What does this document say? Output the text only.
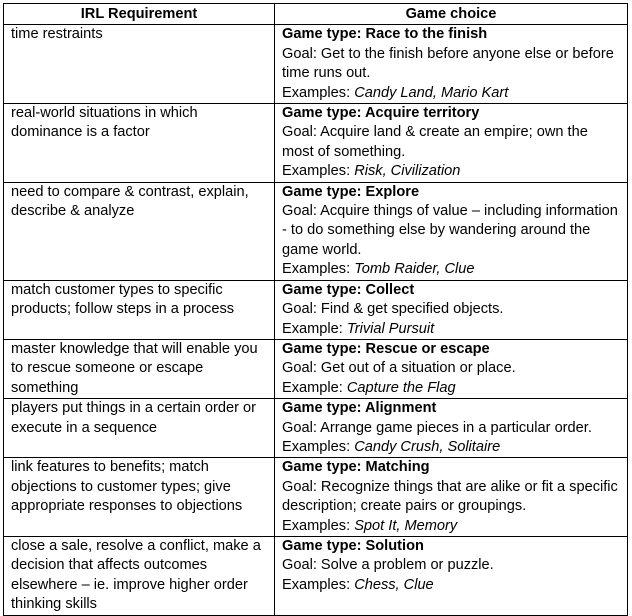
IRL Requirement	Game choice
time restraints	Game type: Race to the finish
Goal: Get to the finish before anyone else or before time runs out.
Examples: Candy Land, Mario Kart

real-world situations in which dominance is a factor	Game type: Acquire territory
Goal: Acquire land & create an empire; own the most of something.
Examples: Risk, Civilization

need to compare & contrast, explain, describe & analyze	Game type: Explore
Goal: Acquire things of value – including information - to do something else by wandering around the game world.
Examples: Tomb Raider, Clue

match customer types to specific products; follow steps in a process	Game type: Collect
Goal: Find & get specified objects.
Example: Trivial Pursuit

master knowledge that will enable you to rescue someone or escape something	Game type: Rescue or escape
Goal: Get out of a situation or place.
Example: Capture the Flag

players put things in a certain order or execute in a sequence	Game type: Alignment
Goal: Arrange game pieces in a particular order.
Examples: Candy Crush, Solitaire

link features to benefits; match objections to customer types; give appropriate responses to objections	Game type: Matching
Goal: Recognize things that are alike or fit a specific description; create pairs or groupings.
Examples: Spot It, Memory

close a sale, resolve a conflict, make a decision that affects outcomes elsewhere – ie. improve higher order thinking skills	Game type: Solution
Goal: Solve a problem or puzzle.
Examples: Chess, Clue
